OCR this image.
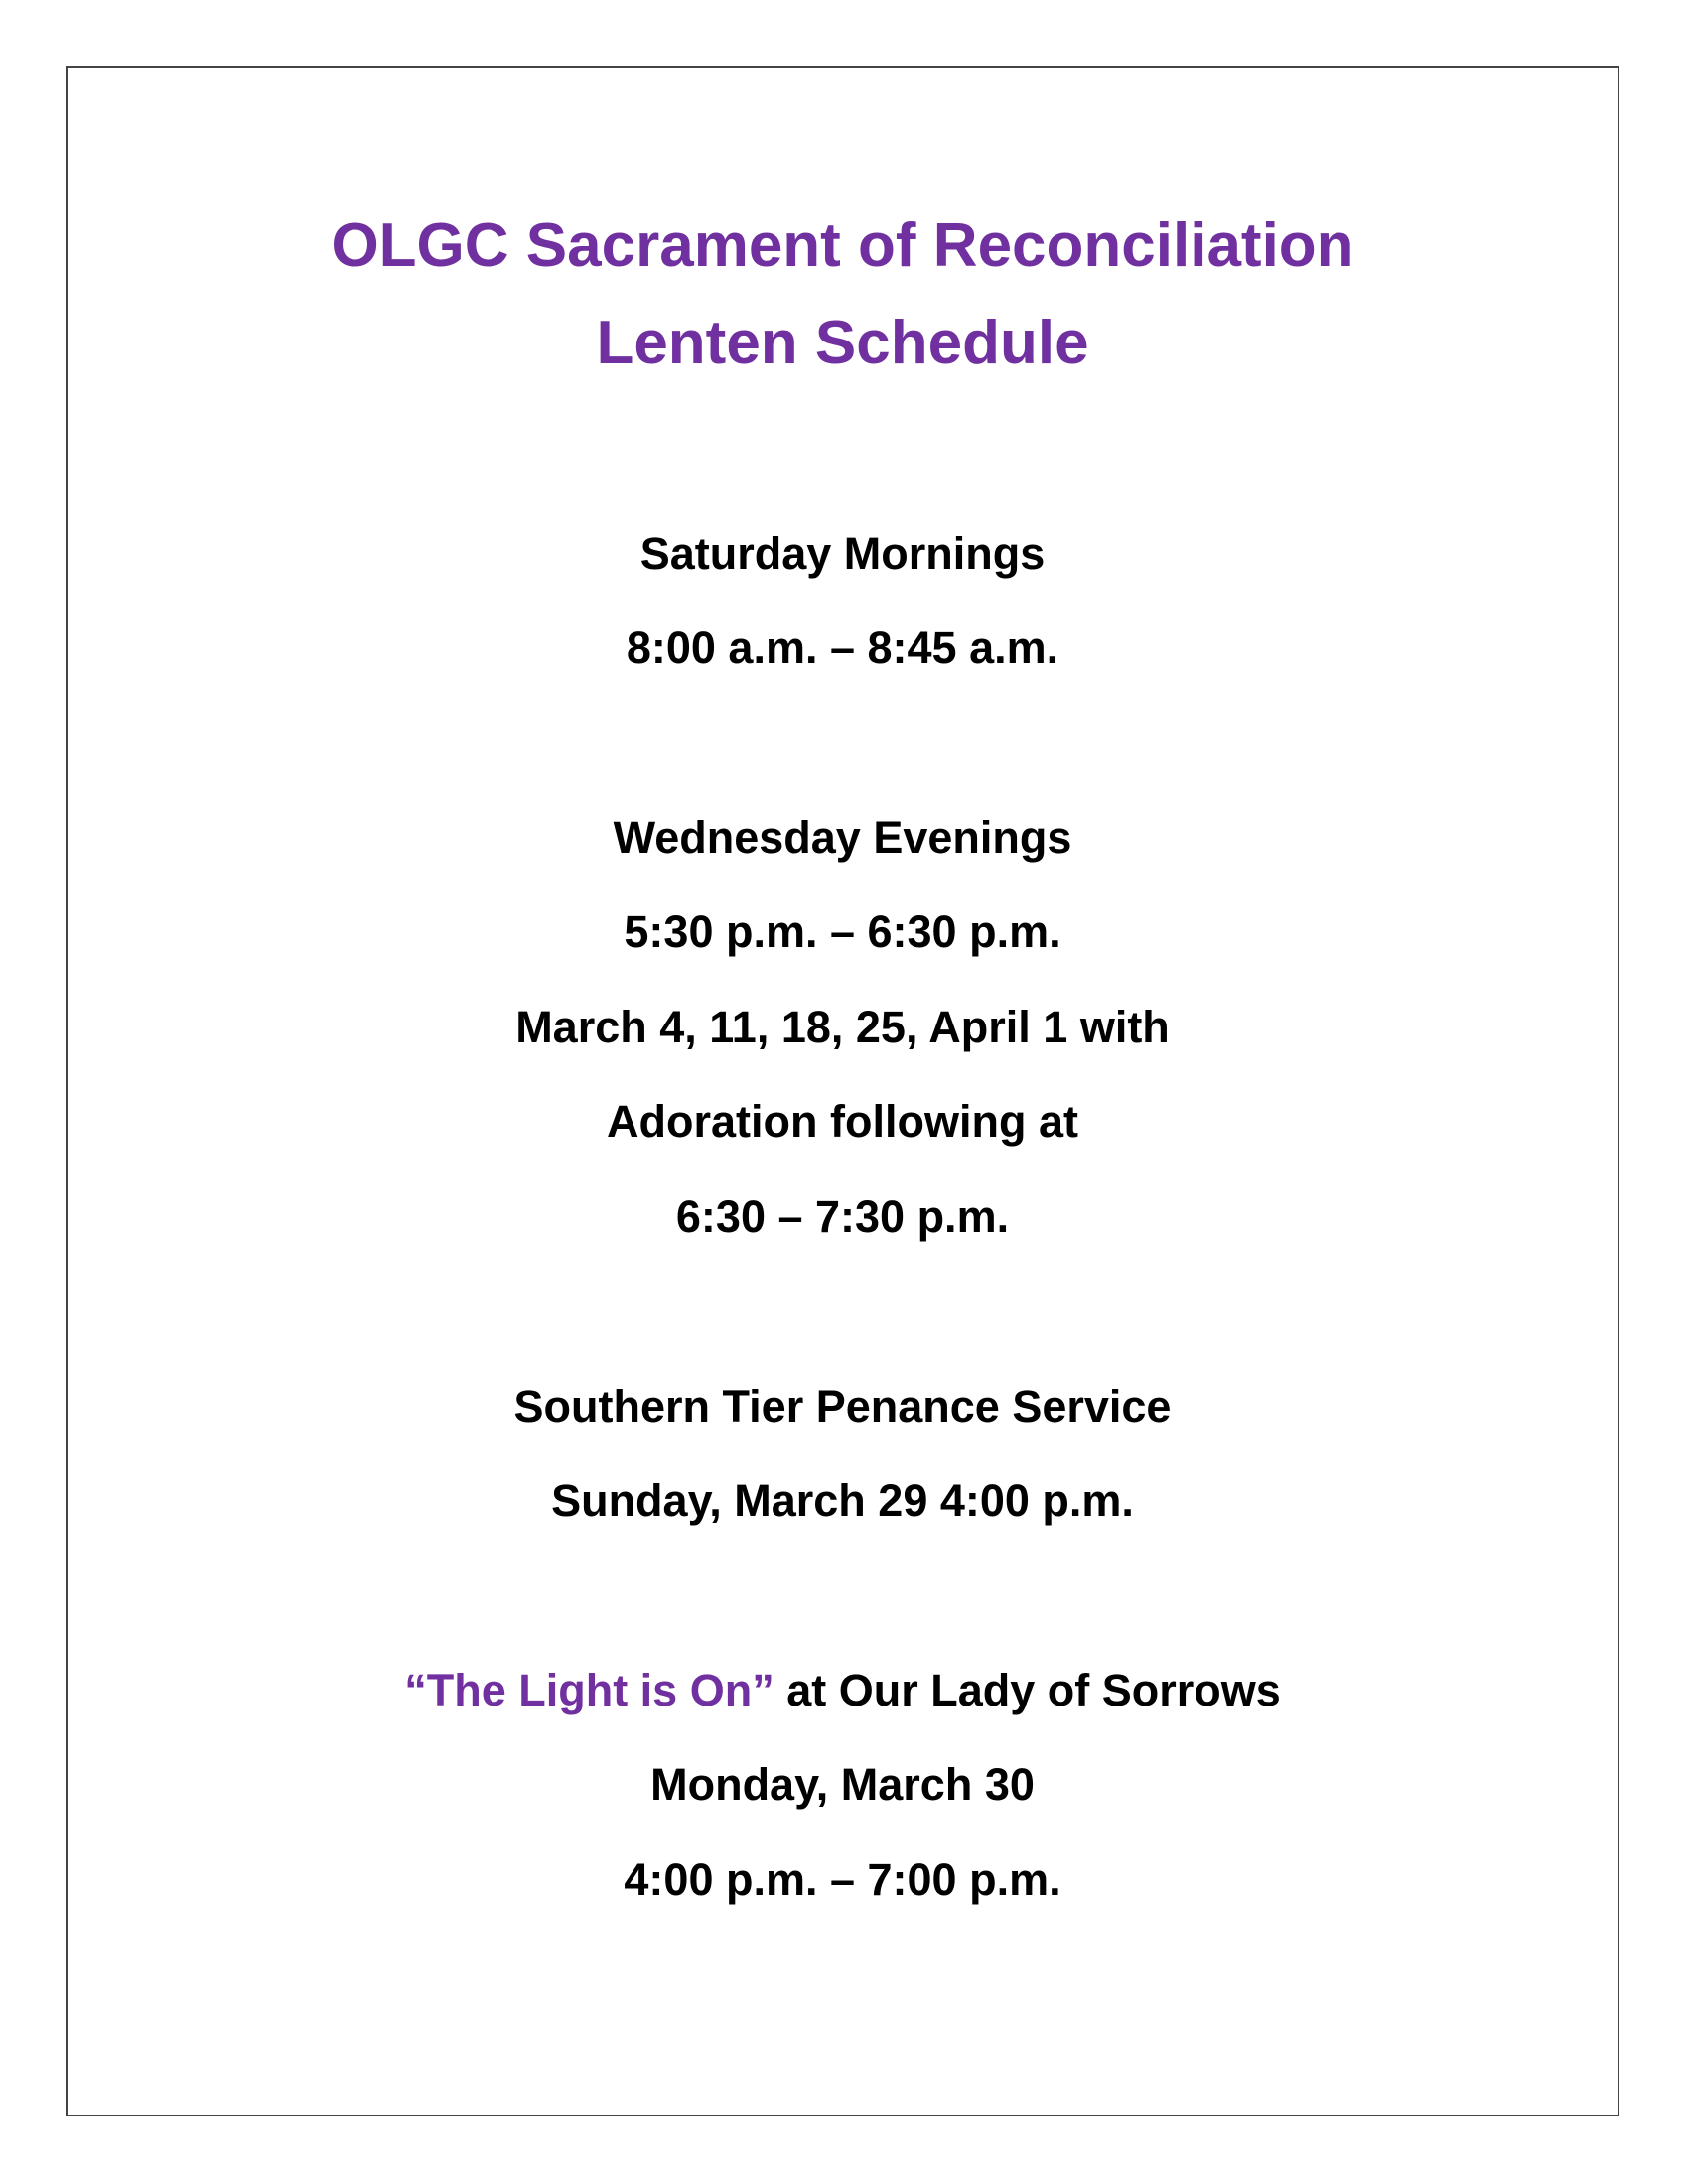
OLGC Sacrament of Reconciliation
Lenten Schedule
Saturday Mornings
8:00 a.m. – 8:45 a.m.
Wednesday Evenings
5:30 p.m. – 6:30 p.m.
March 4, 11, 18, 25, April 1 with
Adoration following at
6:30 – 7:30 p.m.
Southern Tier Penance Service
Sunday, March 29 4:00 p.m.
“The Light is On” at Our Lady of Sorrows
Monday, March 30
4:00 p.m. – 7:00 p.m.
